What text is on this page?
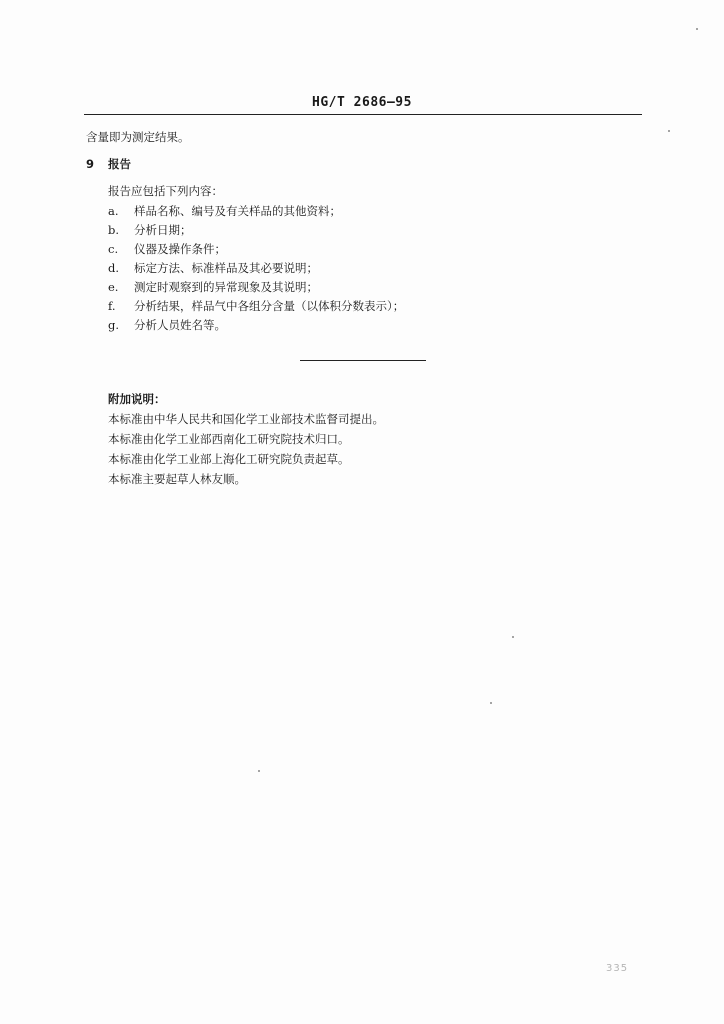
HG/T 2686—95
含量即为测定结果。
9 报告
报告应包括下列内容：
a. 样品名称、编号及有关样品的其他资料；
b. 分析日期；
c. 仪器及操作条件；
d. 标定方法、标准样品及其必要说明；
e. 测定时观察到的异常现象及其说明；
f. 分析结果，样品气中各组分含量（以体积分数表示）；
g. 分析人员姓名等。
附加说明：
本标准由中华人民共和国化学工业部技术监督司提出。
本标准由化学工业部西南化工研究院技术归口。
本标准由化学工业部上海化工研究院负责起草。
本标准主要起草人林友顺。
335
